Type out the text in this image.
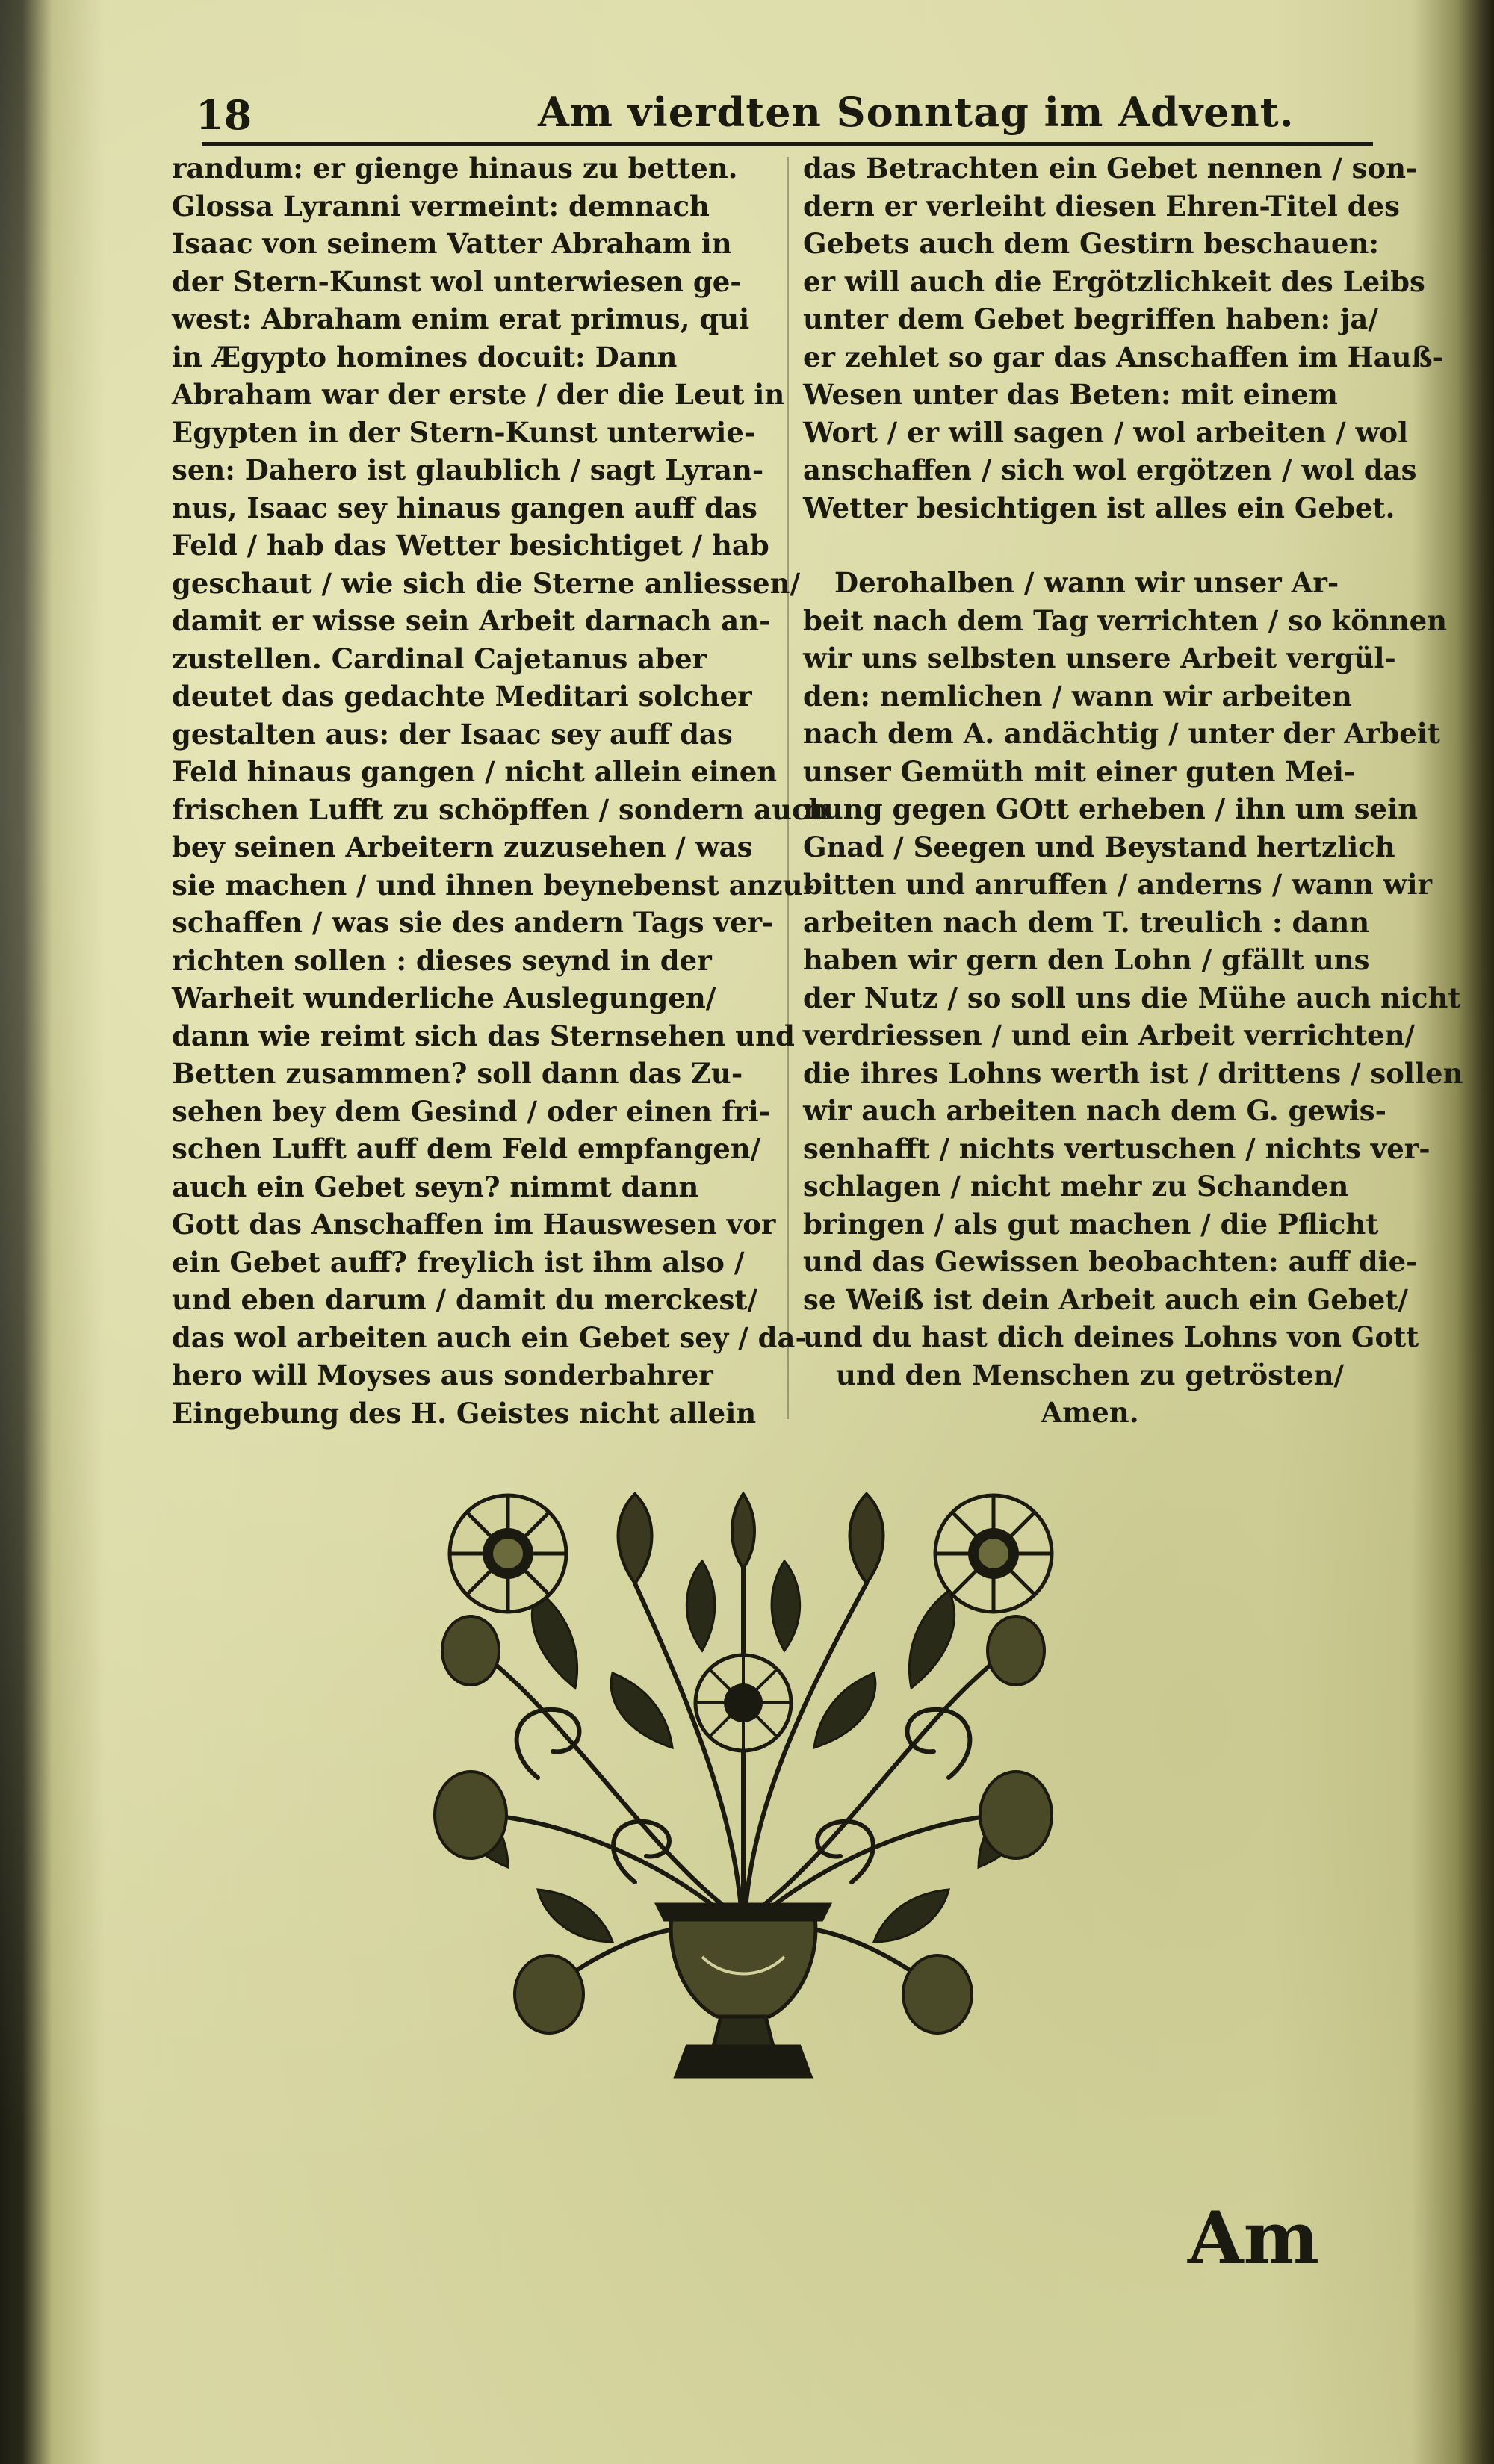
18	Am vierdten Sonntag im Advent.
randum: er gienge hinaus zu betten.
Glossa Lyranni vermeint: demnach
Isaac von seinem Vatter Abraham in
der Stern-Kunst wol unterwiesen ge-
west: Abraham enim erat primus, qui
in Ægypto homines docuit: Dann
Abraham war der erste / der die Leut in
Egypten in der Stern-Kunst unterwie-
sen: Dahero ist glaublich / sagt Lyran-
nus, Isaac sey hinaus gangen auff das
Feld / hab das Wetter besichtiget / hab
geschaut / wie sich die Sterne anliessen/
damit er wisse sein Arbeit darnach an-
zustellen. Cardinal Cajetanus aber
deutet das gedachte Meditari solcher
gestalten aus: der Isaac sey auff das
Feld hinaus gangen / nicht allein einen
frischen Lufft zu schöpffen / sondern auch
bey seinen Arbeitern zuzusehen / was
sie machen / und ihnen beynebenst anzu-
schaffen / was sie des andern Tags ver-
richten sollen : dieses seynd in der
Warheit wunderliche Auslegungen/
dann wie reimt sich das Sternsehen und
Betten zusammen? soll dann das Zu-
sehen bey dem Gesind / oder einen fri-
schen Lufft auff dem Feld empfangen/
auch ein Gebet seyn? nimmt dann
Gott das Anschaffen im Hauswesen vor
ein Gebet auff? freylich ist ihm also /
und eben darum / damit du merckest/
das wol arbeiten auch ein Gebet sey / da-
hero will Moyses aus sonderbahrer
Eingebung des H. Geistes nicht allein
das Betrachten ein Gebet nennen / son-
dern er verleiht diesen Ehren-Titel des
Gebets auch dem Gestirn beschauen:
er will auch die Ergötzlichkeit des Leibs
unter dem Gebet begriffen haben: ja/
er zehlet so gar das Anschaffen im Hauß-
Wesen unter das Beten: mit einem
Wort / er will sagen / wol arbeiten / wol
anschaffen / sich wol ergötzen / wol das
Wetter besichtigen ist alles ein Gebet.
Derohalben / wann wir unser Ar-
beit nach dem Tag verrichten / so können
wir uns selbsten unsere Arbeit vergül-
den: nemlichen / wann wir arbeiten
nach dem A. andächtig / unter der Arbeit
unser Gemüth mit einer guten Mei-
nung gegen GOtt erheben / ihn um sein
Gnad / Seegen und Beystand hertzlich
bitten und anruffen / anderns / wann wir
arbeiten nach dem T. treulich : dann
haben wir gern den Lohn / gfällt uns
der Nutz / so soll uns die Mühe auch nicht
verdriessen / und ein Arbeit verrichten/
die ihres Lohns werth ist / drittens / sollen
wir auch arbeiten nach dem G. gewis-
senhafft / nichts vertuschen / nichts ver-
schlagen / nicht mehr zu Schanden
bringen / als gut machen / die Pflicht
und das Gewissen beobachten: auff die-
se Weiß ist dein Arbeit auch ein Gebet/
und du hast dich deines Lohns von Gott
und den Menschen zu getrösten/
Amen.
Am
